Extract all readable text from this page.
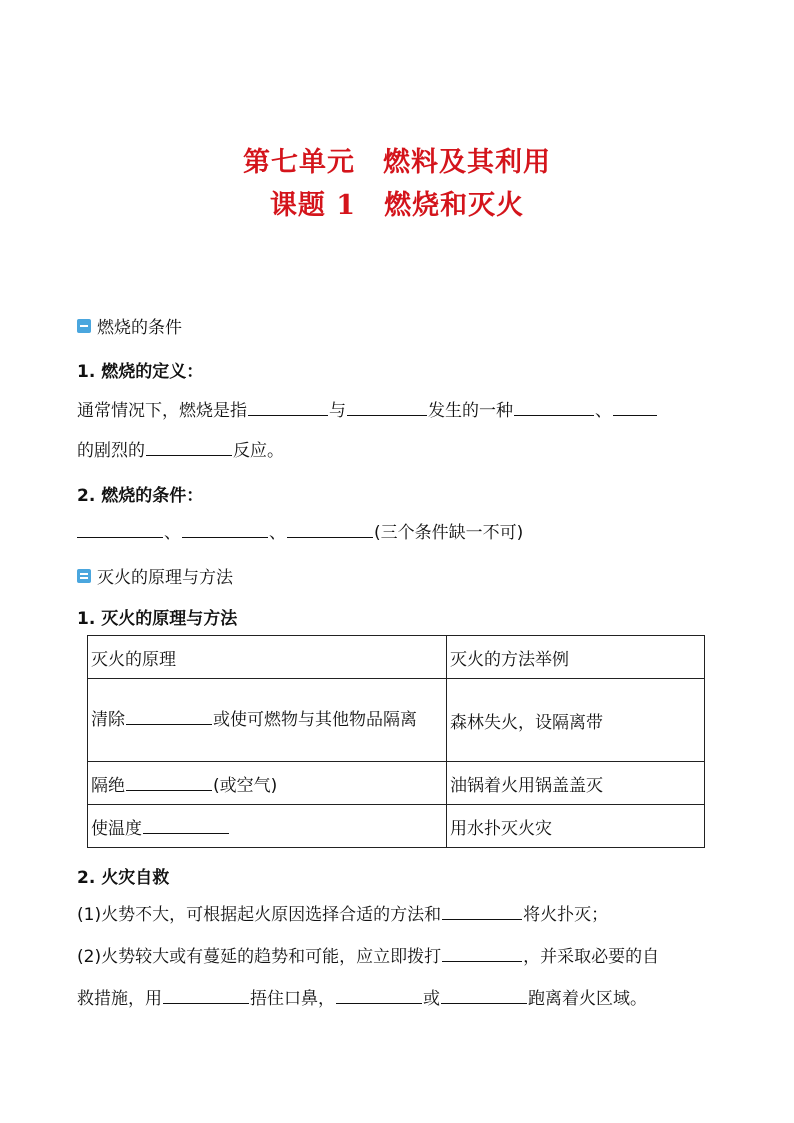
第七单元　燃料及其利用
课题 1　燃烧和灭火
燃烧的条件
1. 燃烧的定义：
通常情况下，燃烧是指	与	发生的一种	、
的剧烈的	反应。
2. 燃烧的条件：
、	、	(三个条件缺一不可)
灭火的原理与方法
1. 灭火的原理与方法
灭火的原理	灭火的方法举例
清除 或使可燃物与其他物品隔离	森林失火，设隔离带
隔绝 (或空气)	油锅着火用锅盖盖灭
使温度	用水扑灭火灾
2. 火灾自救
(1)火势不大，可根据起火原因选择合适的方法和	将火扑灭；
(2)火势较大或有蔓延的趋势和可能，应立即拨打	，并采取必要的自
救措施，用	捂住口鼻，	或	跑离着火区域。
